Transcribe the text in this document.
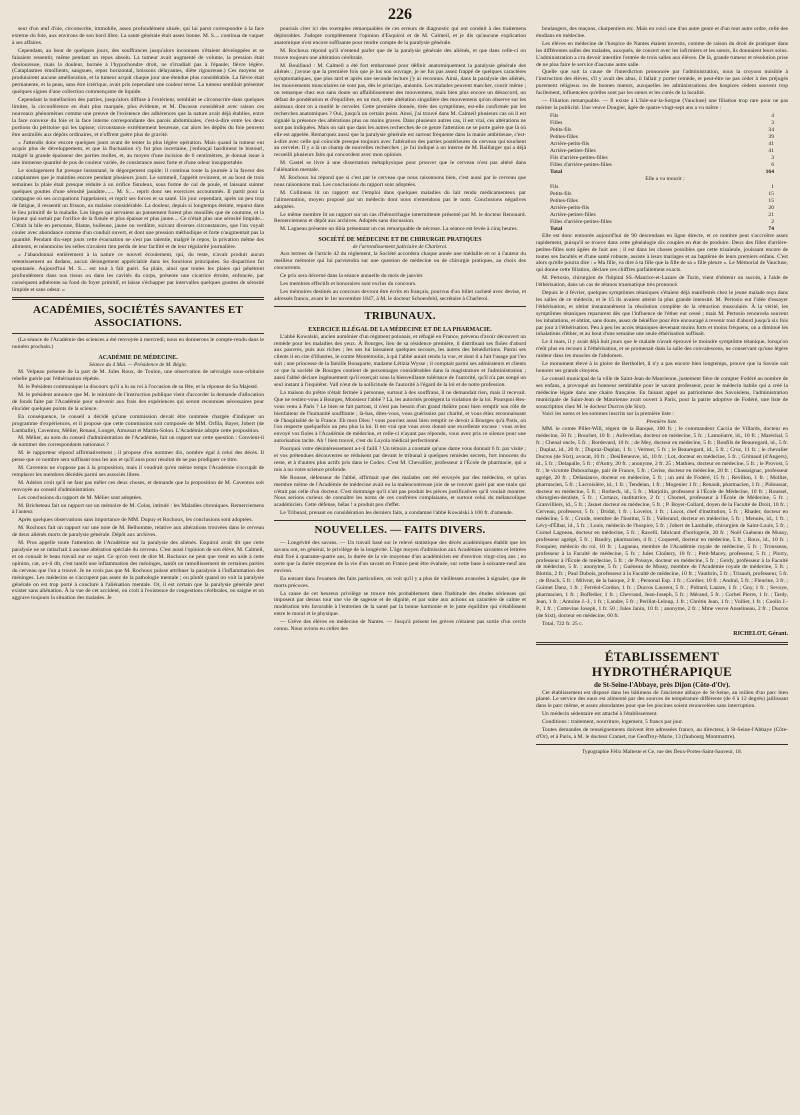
226

seur d'un œuf d'oie, circonscrite, immobile, assez profondément située, qui lui parut correspondre à la face externe du foie, aux environs de son bord libre. La santé générale était assez bonne. M. S.... continua de vaquer à ses affaires.

Cependant, au bout de quelques jours, des souffrances jusqu'alors inconnues s'étaient développées et se faisaient ressentir, même pendant un repos absolu. La tumeur avait augmenté de volume, la pression était douloureuse, mais la douleur, bornée à l'hypochondre droit, ne s'irradiait pas à l'épaule; fièvre légère. (Cataplasmes émollients, sangsues, repos horizontal, boissons délayantes, diète rigoureuse.) Ces moyens ne produisirent aucune amélioration, et la tumeur acquit chaque jour une étendue plus considérable. La fièvre était permanente, et la peau, sans être ictérique, avait pris cependant une couleur terne. La tumeur semblait présenter quelques signes d'une collection commençante de liquide.

Cependant la tuméfaction des parties, jusqu'alors diffuse à l'extérieur, semblait se circonscrire dans quelques limites, la circonférence en était plus marquée, plus évidente, et M. Ducasse considérait avec raison ces nouveaux phénomènes comme une preuve de l'existence des adhérences que la nature avait déjà établies, entre la face convexe du foie et la face interne correspondante des parois abdominales, c'est-à-dire entre les deux portions du péritoine qui les tapisse; circonstance extrêmement heureuse, car alors les dépôts du foie peuvent être assimilés aux dépôts ordinaires, et n'offrent guère plus de gravité.

« J'attendis donc encore quelques jours avant de tenter la plus légère opération. Mais quand la tumeur eut acquis plus de développement, et que la fluctuation s'y fut plus incertaine, j'enfonçai hardiment le bistouri, malgré la grande épaisseur des parties molles, et, au moyen d'une incision de 6 centimètres, je donnai issue à une immense quantité de pus de couleur variée, de consistance assez forte et d'une odeur insupportable.

Le soulagement fut presque instantané, le dégorgement rapide; il continua toute la journée à la faveur des cataplasmes que je maintins encore pendant plusieurs jours. Le sommeil, l'appétit revinrent, et au bout de trois semaines la plaie était presque réduite à un orifice fistuleux, sous forme de cul de poule, et laissant suinter quelques gouttes d'une sérosité jaunâtre....... M. S.... reprit donc ses exercices accoutumés. Il partit pour la campagne où ses occupations l'appelaient, et reprit ses forces et sa santé. Un jour cependant, après un peu trop de fatigue, il ressentit un frisson, un malaise considérable. La douleur, depuis si longtemps éteinte, reparut dans le lieu primitif de la maladie. Les linges qui servaient au pansement furent plus mouillés que de coutume, et la liqueur qui sortait par l'orifice de la fistule et plus épaisse et plus jaune.... Ce n'était plus une sérosité limpide... C'était la bile en personne, filante, huileuse, jaune ou verdâtre, suivant diverses circonstances, que l'on voyait couler avec abondance comme d'un conduit ouvert, et dont une pression méthodique et forte n'augmentait pas la quantité. Pendant dix-sept jours cette évacuation ne s'est pas ralentie, malgré le repos, la privation même des aliments, et néanmoins les selles n'avaient rien perdu de leur facilité et de leur régularité journalière.

« J'abandonnai entièrement à la nature ce nouvel écoulement, qui, du reste, n'avait produit aucun retentissement au dedans, aucun dérangement appréciable dans les fonctions principales. Sa disparition fut spontanée. Aujourd'hui M. S.... est tout à fait guéri. Sa plaie, ainsi que toutes les plaies qui pénètrent profondément dans nos tissus ou dans les cavités du corps, présente une cicatrice étroite, enfoncée, par conséquent adhérente au fond du foyer primitif, et laisse s'échapper par intervalles quelques gouttes de sérosité limpide et sans odeur. »

ACADÉMIES, SOCIÉTÉS SAVANTES ET ASSOCIATIONS.

(La séance de l'Académie des sciences a été renvoyée à mercredi; nous en donnerons le compte-rendu dans le numéro prochain.)

ACADÉMIE DE MÉDECINE.
Séance du 4 Mai. — Présidence de M. Bégin.

M. Velpeau présente de la part de M. Jules Roux, de Toulon, une observation de névralgie sous-orbitaire rebelle guérie par l'éthérisation répétée.

M. le Président communique la discours qu'il a lu au roi à l'occasion de sa fête, et la réponse de Sa Majesté.

M. le président annonce que M. le ministre de l'instruction publique vient d'accorder la demande d'allocation de fonds faite par l'Académie pour subvenir aux frais des expériences qui seront reconnues nécessaires pour élucider quelques points de la science.

En conséquence, le conseil a décidé qu'une commission devait être nommée chargée d'indiquer un programme d'expériences, et il propose que cette commission soit composée de MM. Orfila, Bayer, Jobert (de Lamballe), Caventou, Mélier, Renaut, Longet, Amussat et Martin-Solon. L'Académie adopte cette proposition.

M. Mélier, au nom du conseil d'administration de l'Académie, fait un rapport sur cette question : Convient-il de nommer des correspondants nationaux ?

M. le rapporteur répond affirmativement ; il propose d'en nommer dix, nombre égal à celui des décès. Il pense que ce nombre sera suffisant tous les ans et qu'il aura pour résultat de ne pas prodiguer ce titre.

M. Caventou ne s'oppose pas à la proposition, mais il voudrait qu'en même temps l'Académie s'occupât de remplacer les membres décédés parmi ses associés libres.

M. Adelon croit qu'il ne faut pas mêler ces deux choses, et demande que la proposition de M. Caventou soit renvoyée au conseil d'administration.

Les conclusions du rapport de M. Mélier sont adoptées.

M. Bricheteau fait un rapport sur un mémoire de M. Colas, intitulé : les Maladies chroniques. Remerciemens à l'auteur.

Après quelques observations sans importance de MM. Dupuy et Rochoux, les conclusions sont adoptées.

M. Rochoux fait un rapport sur une note de M. Belhomme, relative aux altérations trouvées dans le cerveau de deux aliénés morts de paralysie générale. Dépôt aux archives.

M. Prus appelle toute l'attention de l'Académie sur la paralysie des aliénés. Esquirol avait dit que cette paralysie ne se rattachait à aucune altération spéciale du cerveau. C'est aussi l'opinion de son élève, M. Calmeil, et on connaît le beau travail sur ce sujet. Ce qu'on veut de dire M. Rochoux ne peut que venir en aide à cette opinion, car, a-t-il dit, c'est tantôt une inflammation des méninges, tantôt un ramollissement de certaines parties du cerveau que l'on a trouvé. Je ne crois pas que M. Rochoux puisse attribuer la paralysie à l'inflammation des méninges. Les médecins se s'accupent pas assez de la pathologie mentale ; ou plutôt quand on voit la paralysie générale on est trop porté à conclure à l'aliénation mentale. Or, il est certain que la paralysie générale peut exister sans aliénation. À la vue de cet accident, on croit à l'existence de congestions cérébrales, on saigne et on aggrave toujours la situation des malades. Je

pourrais citer ici des exemples remarquables de ces erreurs de diagnostic qui ont conduit à des traitemens déplorables. J'adopte complètement l'opinion d'Esquirol et de M. Calmeil, et je dis qu'aucune explication anatomique n'est encore suffisante pour rendre compte de la paralysie générale.

M. Rochoux répond qu'il n'entend parler que de la paralysie générale des aliénés, et que dans celle-ci on trouve toujours une altération cérébrale.

M. Bouillaud : M. Calmeil a été fort embarrassé pour définir anatomiquement la paralysie générale des aliénés ; j'avoue que la première fois que je lus son ouvrage, je ne fus pas assez frappé de quelques caractères symptomatiques, que plus tard et après une seconde lecture j'y ai reconnus. Ainsi, dans la paralysie des aliénés, les mouvements musculaires ne sont pas, dès le principe, anéantis. Les malades peuvent marcher, courir même ; on remarque chez eux sans doute un affaiblissement des mouvemens, mais bien plus encore un désaccord, un défaut de pondération et d'équilibre, en un mot, cette altération singulière des mouvemens qu'on observe sur les animaux dont on a mutilé le cervelet. Cette première donnée, tirée des symptômes, est-elle confirmée par les recherches anatomiques ? Oui, jusqu'à un certain point. Ainsi, j'ai trouvé dans M. Calmeil plusieurs cas où il est signalé la présence des altérations plus ou moins graves. Dans plusieurs autres cas, il est vrai, ces altérations ne sont pas indiquées. Mais on sait que dans les autres recherches de ce genre l'attention ne se porte guère que là où elle est appelée. Remarquez aussi que la paralysie générale est surtout fréquente dans la manie ambitieuse, c'est-à-dire avec celle qui coïncide presque toujours avec l'altération des parties postérieures du cerveau qui touchent au cervelet. Il y a là un champ de nouvelles recherches ; je l'ai indiqué à un interne de M. Baillarger qui a déjà recueilli plusieurs faits qui concordent avec mon opinion.

M. Gastel se livre à une dissertation métaphysique pour prouver que le cerveau n'est pas altéré dans l'aliénation mentale.

M. Rochoux lui répond que si c'est par le cerveau que nous raisonnons bien, c'est aussi par le cerveau que nous raisonnons mal. Les conclusions du rapport sont adoptées.

M. Collineau lit un rapport sur l'emploi dans quelques maladies du lait rendu médicamenteux par l'alimentation, moyen proposé par un médecin dont nous n'entendons pas le nom. Conclusions négatives adoptées.

Le même membre lit un rapport sur un cas d'hémorrhagie intermittente présenté par M. le docteur Renouard. Remerciemens et dépôt aux archives. Adoptés sans discussion.

M. Lagneau présente un tibia présentant un cas remarquable de nécrose. La séance est levée à cinq heures.

SOCIÉTÉ DE MÉDECINE ET DE CHIRURGIE PRATIQUES
de l'arrondissement judiciaire de Charleroi.

Aux termes de l'article 42 du règlement, la Société accordera chaque année une médaille en or à l'auteur du meilleur mémoire qui lui parviendra sur une question de médecine ou de chirurgie pratiques, au choix des concurrents.

Ce prix sera décerné dans la séance annuelle du mois de janvier.

Les membres effectifs et honoraires sont exclus du concours.

Les mémoires destinés au concours devront être écrits en français, pourvus d'un billet cacheté avec devise, et adressés franco, avant le 1er novembre 1847, à M. le docteur Schoenfeld, secrétaire à Charleroi.

TRIBUNAUX.
EXERCICE ILLÉGAL DE LA MÉDECINE ET DE LA PHARMACIE.

L'abbé Kowalski, ancien aumônier d'un régiment polonais, et réfugié en France, prévenu d'avoir découvert un remède pour les maladies des yeux. À Bourges, lieu de sa résidence première, il distribuait ses fioles d'abord aux pauvres, puis aux riches ; les uns lui laissaient quelques secours, les autres des bénédictions. Parmi ses clients il en cite d'illustres, le comte Montémolin, à qui l'abbé aurait rendu la vue, et dont il a fait l'usage par l'en suit ; une princesse de la famille Bonaparte, madame Létizia Wysse ; il comptait parmi ses admirateurs et clients ce que la société de Bourges contient de personnages considérables dans la magistrature et l'administration ; aussi l'abbé déclare ingénuement qu'il exerçait sous la bienveillante tolérance de l'autorité, qu'il n'a pas songé un seul instant à l'inquiéter. Vall n'eut de la sollicitude de l'autorité à l'égard de la loi et de notre profession.

La maison du prêtre n'était fermée à personne, surtout à des souffrans, il ne demandait rien, mais il recevait. Que ne restiez-vous à Bourges, Monsieur l'abbé ? Là, les autorités protégent la violation de la loi. Pourquoi êtes-vous venu à Paris ? Le bien se fait partout, il n'est pas besoin d'un grand théâtre pour bien remplir son rôle de bienfaiteur de l'humanité souffrante ; là-bas, dites-vous, vous guérissiez par charité, et vous étiez reconnaissant de l'hospitalité de la France. Eh mon Dieu ! vous pouviez aussi bien remplir ce devoir à Bourges qu'à Paris, où l'on respecte quelquefois un peu plus la loi. Il est vrai que vous avez donné une excellente excuse : vous aviez envoyé vos fioles à l'Académie de médecine, et celle-ci n'ayant pas répondu, vous avez pris ce silence pour une autorisation tacite. Ah ! bien trouvé, c'est du Loyola médical perfectionné.

Pourquoi votre désintéressement a-t-il failli ? Un témoin a constaté qu'une dame vous donnait 6 fr. par visite ; et vos prétendues découvertes se réduisent par devant le tribunal à quelques remèdes secrets, fort innocens du reste, et à d'autres plus actifs pris dans le Codex. C'est M. Chevallier, professeur à l'École de pharmacie, qui a mis à nu votre science profonde.

Me Rousse, défenseur de l'abbé, affirmait que des malades ont été envoyés par des médecins, et qu'un membre même de l'Académie de médecine avait eu la malencontreuse joie de se trouver guéri par une main qui n'était pas celle d'un docteur. C'est dommage qu'il n'ait pas produit les pièces justificatives qu'il voulait montrer. Nous serions curieux de connaître les noms de ces confrères complaisans, et surtout celui du mélancolique académicien. Cette défense, hélas ! a produit peu d'effet.

Le Tribunal, prenant en considération les derniers faits, a condamné l'abbé Kowalski à 100 fr. d'amende.

NOUVELLES. — FAITS DIVERS.

— Longévité des savans. — Un travail basé sur le relevé statistique des décès académiques établit que les savans ont, en général, le privilège de la longévité. L'âge moyen d'admission aux Académies savantes et lettrées était fixé à quarante-quatre ans, la durée de la vie moyenne d'un académicien est d'environ vingt-cinq ans ; en sorte que la durée moyenne de la vie d'un savant en France peut être évaluée, sur cette base à soixante-neuf ans environ.

En entrant dans l'examen des faits particuliers, on voit qu'il y a plus de vieillesses avancées à signaler, que de morts précoces.

La cause de cet heureux privilège se trouve très probablement dans l'habitude des études sérieuses qui imposent par dessus tout une vie de sagesse et de dignité, et par suite aux actions un caractère de calme et modération très favorable à l'entretien de la santé par la bonne harmonie et le juste équilibre qui s'établissent entre le moral et le physique.

— Grève des élèves en médecine de Nantes. — Jusqu'à présent les grèves n'étaient pas sortie d'un cercle connu. Nous avions eu celles des

boulangers, des maçons, charpentiers etc. Mais en voici une d'un autre genre et d'un tout autre ordre, celle des étudians en médecine.

Les élèves en médecine de l'hospice de Nantes étaient investis, comme de raison du droit de pratiquer dans les différentes salles des malades, auxquels, de concert avec les infirmiers et les sœurs, ils donnaient leurs soins. L'administration a cru devoir interdire l'entrée de trois salles aux élèves. De là, grande rumeur et résolution prise de ne plus faire le service d'aucune autre salle.

Quelle que soit la cause de l'interdiction prononcée par l'administration, nous la croyons nuisible à l'instruction des élèves, s'il y avait des abus, il fallait y porter remède, et peut-être ne pas céder à des préjugés purement religieux ou de bonnes mœurs, auxquelles les administrations des hospices cèdent souvent trop facilement, influencées qu'elles sont par les sœurs et les curés de la localité.

— Filiation remarquable. — Il existe à L'Isle-sur-la-Sorgue (Vaucluse) une filiation trop rare pour ne pas mériter la publicité. Une veuve Dougier, âgée de quatre-vingt-sept ans a vu naître :

Fils	4
Filles	3
Petits-fils	34
Petites-filles	39
Arrière-petits-fils	41
Arrière-petites-filles	41
Fils d'arrière-petites-filles	3
Filles d'arrière-petites-filles	6
Total	164

Elle a vu mourir :

Fils	1
Petits-fils	15
Petites-filles	15
Arrière-petits-fils	20
Arrière-petites-filles	21
Filles d'arrière-petites-filles	2
Total	74

Elle est donc entourée aujourd'hui de 90 descendans en ligne directe, et ce nombre peut s'accroître assez rapidement, puisqu'il se trouve dans cette généalogie dix couples en état de produire. Deux des filles d'arrière-petites-filles sont âgées de huit ans ; il est dans les choses possibles que cette trisaïeule, jouissant encore de toutes ses facultés et d'une santé robuste, assiste à leurs mariages et au baptême de leurs premiers enfans. C'est alors qu'elle pourra dire : « Ma fille, va dire à ta fille que la fille de sa « fille pleure ». Le Mémorial de Vaucluse, qui donne cette filiation, déclare ces chiffres parfaitement exacts.

M. Pertosio, chirurgien de l'hôpital SS.-Maurice-et-Lazare de Turin, vient d'obtenir un succès, à l'aide de l'éthérisation, dans un cas de tétanos traumatique très prononcé.

Depuis le 4 février, quelques symptômes tétaniques s'étaient déjà manifestés chez le jeune malade reçu dans les salles de ce médecin, et le 15 ils avaient atteint la plus grande intensité. M. Pertosio eut l'idée d'essayer l'éthérisation, et obtint instantanément la résolution complète de la rétraction musculaire. À la vérité, les symptômes tétaniques reparurent dès que l'influence de l'éther eut cessé ; mais M. Pertosio renouvela souvent les inhalations, et obtint, sans doute, assez de bénéfice pour être encouragé à revenir tout d'abord jusqu'à six fois par jour à l'éthérisation. Peu à peu les accès tétaniques devenant moins forts et moins fréquens, on a diminué les inhalations d'éther, et au bout d'une semaine une seule éthérisation suffisait.

Le 4 mars, il y avait déjà huit jours que le malade n'avait éprouvé le moindre symptôme tétanique, lorsqu'on n'eût plus en recours à l'éthérisation, et se promenait dans la salle des convalescens, ne conservant qu'une légère raideur dans les muscles de l'abdomen.

Le monument élevé à la gloire de Berthollet, il n'y a pas encore bien longtemps, prouve que la Savoie sait honorer ses grands citoyens.

Le conseil municipal de la ville de Saint-Jean de Maurienne, justement fière de compter Fodéré au nombre de ses enfans, a provoqué un honneur semblable pour le savant professeur, pour le médecin habile qui a créé la médecine légale dans une chaire française. En faisant appel au patriotisme des Savoisiens, l'administration municipale de Saint-Jean de Maurienne avait ouvert à Paris, pour la patrie adoptive de Fodéré, une liste de souscription chez M. le docteur Ducros (de Sixt).

Voici les noms et les sommes inscrits sur la première liste :

Première liste.

MM. le comte Pillet-Will, régent de la Banque, 100 fr. ; le commandeur Caccia de Villards, docteur en médecine, 50 fr. ; Bouchet, 10 fr. ; Anfevellan, docteur en médecine, 5 fr. ; Lamoliatre, id., 10 fr. ; Maréchal, 5 fr. ; Chenal oncle, 5 fr. ; Bordevard, 10 fr. ; de Mey, docteur en médecine, 5 fr. ; Bonfils de Beauregard, id., 5 fr. ; Duplaz, id., 20 fr. ; Dupraz-Duplaz, 1 fr. ; Vermot, 5 fr. ; le Beauregard, id., 5 fr. ; Cruz, 11 fr. ; le chevalier Ducros (de Sixt), avocat, 10 fr. ; Desilleneuve, id., 10 fr. ; Lot, docteur en médecine, 5 fr. ; Grimaud (d'Angers), id., 5 fr. ; Delapalle, 5 fr. ; d'Autry, 20 fr. ; anonyme, 2 fr. 25 ; Mathieu, docteur en médecine, 5 fr. ; le Provost, 5 fr. ; le vicomte Dubouchage, pair de France, 5 fr. ; Cerise, docteur en médecine, 20 fr. ; Chassaignac, professeur agrégé, 20 fr. ; Delasiauve, docteur en médecine, 5 fr. ; un ami de Fodéré, 15 fr. ; Revillon, 1 fr. ; Mollier, pharmacien, 5 fr. ; Lacroisière, id., 1 fr. ; Tendelan, 1 fr. ; Mogenier 1 fr. ; Renault, pharmacien, 1 fr. ; Pidoussat, docteur en médecine, 5 fr. ; Borbeck, id., 5 fr. ; Marjolin, professeur à l'École de Médecine, 10 fr. ; Roussel, chirurgien-dentiste, 5 fr. ; Cortaux, institutrice, 2 fr. ; Chomel, professeur à l'École de Médecine, 5 fr. ; Granvilliers, id., 5 fr. ; Jasnet docteur en médecine, 5 fr. ; P. Boyer-Collard, doyen de la Faculté de Droit, 10 fr. ; Cerveau, professeur, 5 fr. ; Dridal, 1 fr. ; Lovelot, 1 fr. ; Lucot, chef d'institution, 5 fr. ; Rhader, docteur en médecine, 5 fr. ; Cruide, membre de l'Institut, 5 fr. ; Vallerand, docteur en médecine, 5 fr. ; Menuès, id., 1 fr. ; Lévy-d'Élbat, id., 5 fr. ; Louis, médecin de l'hospice, 5 fr. ; Jobert de Lamballe, chirurgien de Saint-Louis, 5 fr. ; Cornel Lagneau, docteur en médecine, 5 fr. ; Ravelli, fabricant d'horlogerie, 20 fr. ; Noël Guéneau de Mussy, professeur agrégé, 5 fr. ; Baudry, pharmacien, 4 fr. ; Coquerel, docteur en médecine, 5 fr. ; Roux, id., 10 fr. ; Fouquier, médecin du roi, 10 fr. ; Lagneau, membre de l'Académie royale de médecine, 5 fr. ; Trousseau, professeur à la Faculté de médecine, 5 fr. ; Jules Cloûtery, 10 fr. ; Petit-Macey, professeur, 5 fr. ; Piorry, professeur à l'École de médecine, 5 fr. ; de Poissye, docteur en médecine, 5 fr. ; Gerdy, professeur à la Faculté de médecine, 5 fr. ; anonyme, 5 fr. ; Guéneau de Mussy, membre de l'Académie royale de médecine, 5 fr. ; Blottin, 2 fr. ; Paul Dubois, professeur à la Faculté de médecine, 10 fr. ; Vauthrin, 5 fr. ; Trisault, professeur, 5 fr. ; de Bruch, 5 fr. ; Milvrat, de la banque, 2 fr. ; Personal Esp. 1 fr. ; Cordier, 10 fr. ; Andral, 5 fr. ; Fleurine, 3 fr. ; Guimet Danz, 1 fr. ; Ferréol-Cordon, 1 fr. ; Ducros Laurent, 5 fr. ; Pidrard, Lazare, 1 fr. ; Guy, 1 fr. ; Sevoye, pharmacien, 1 fr. ; Boffedier, 1 fr. ; Chevrand, Jean-Joseph, 5 fr. ; Mérand, 5 fr. ; Corbel Pierre, 1 fr. ; Tardy, Jean, 1 fr. ; Antoine J.-J., 1 fr. ; Landre, 5 fr. ; Perillat-Leloup, 1 fr. ; Chrétin Jean, 1 fr. ; Vulliet, 1 fr. ; Coolin J.-P., 1 fr. ; Cottevine Joseph, 1 fr. 50 ; Jules Janin, 10 fr. ; anonyme, 2 fr. ; Mme veuve Anselineau, 2 fr. ; Ducros (de Sixt), docteur en médecine, 60 fr.

Total, 722 fr. 25 c.

RICHELOT, Gérant.
ÉTABLISSEMENT HYDROTHÉRAPIQUE
de St-Seine-l'Abbaye, près Dijon (Côte-d'Or).

Cet établissement est disposé dans les bâtimens de l'ancienne abbaye de St-Seine, au milieu d'un parc bien planté. Le service des eaux est alimenté par des sources de température différente (de 6 à 12 degrés) jaillissant dans le parc même, et assez abondantes pour que les piscines soient renouvelées sans interruption.

Un médecin sédentaire est attaché à l'établissement.

Conditions : traitement, nourriture, logement, 5 francs par jour.

Toutes demandes de renseignements doivent être adressées franco, au directeur, à St-Seine-l'Abbaye (Côte-d'Or), et à Paris, à M. le docteur Cramet, rue Geoffroy-Marie, 13 (faubourg Montmartre).

Typographie Félix Malteste et Ce, rue des Deux-Portes-Saint-Sauveur, 18.
